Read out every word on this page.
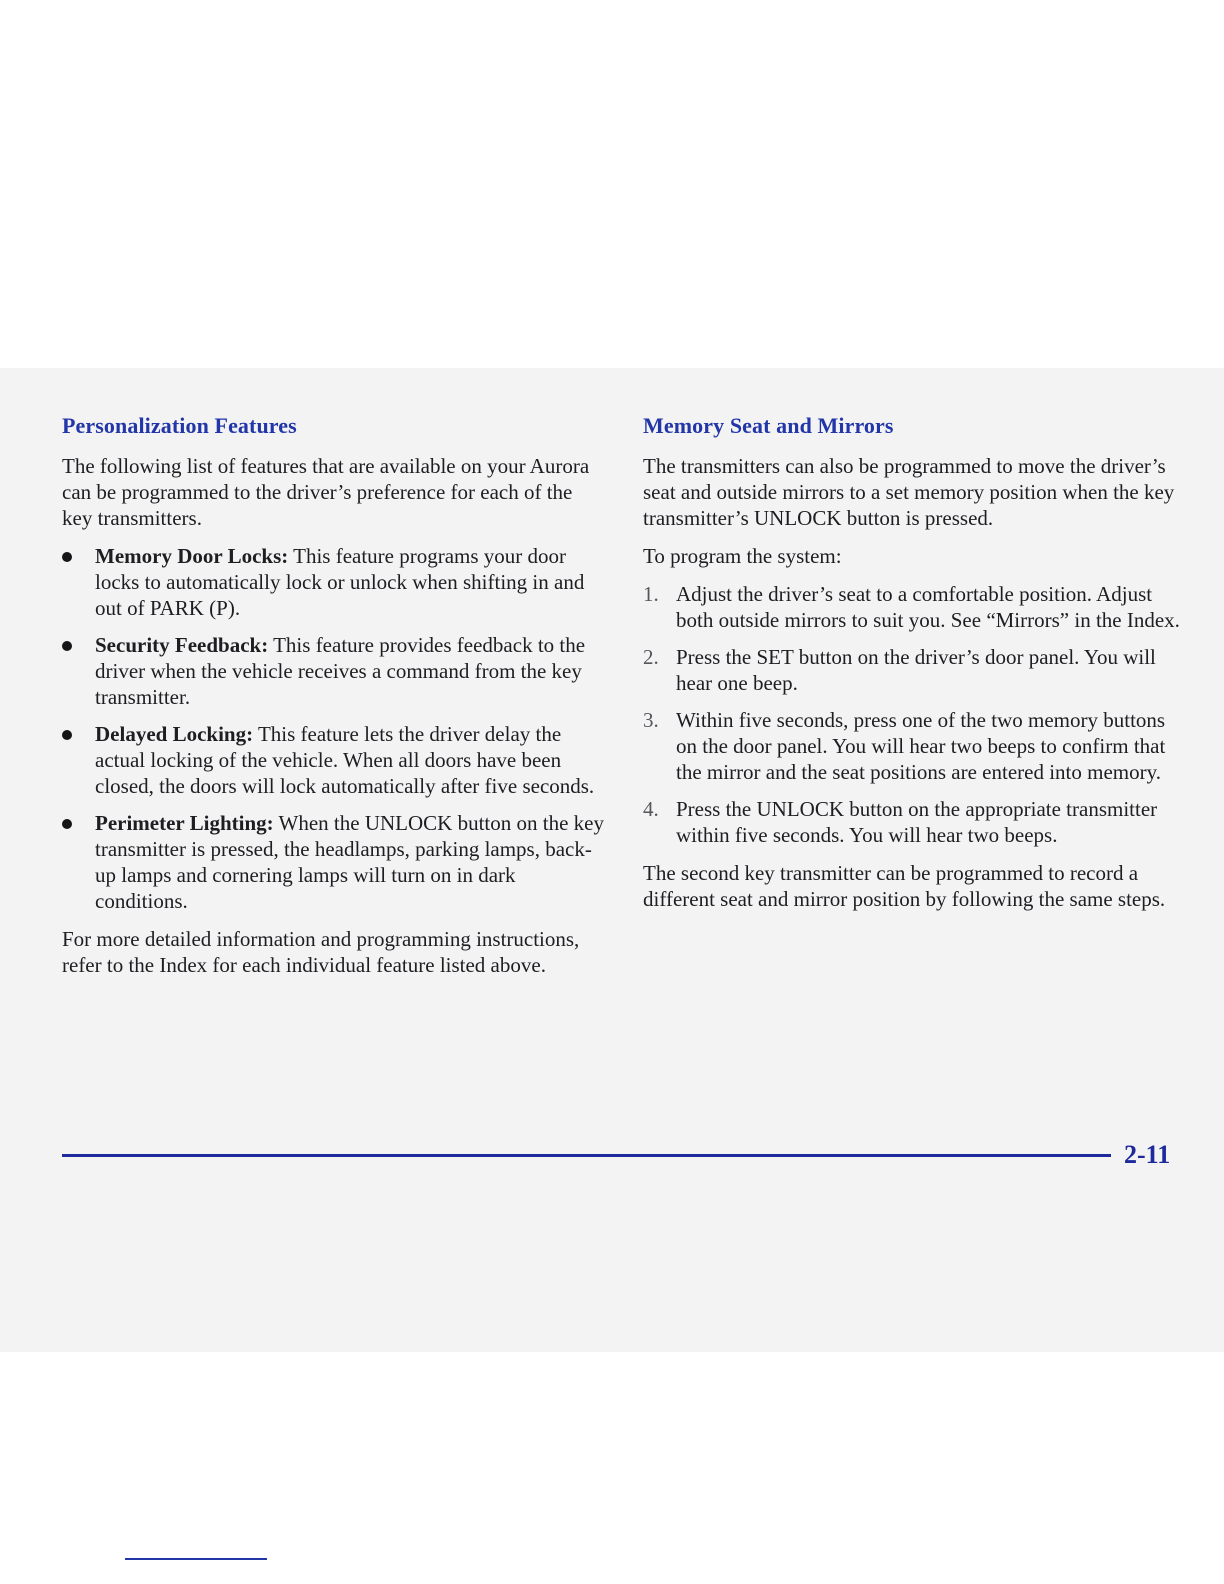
Personalization Features

The following list of features that are available on your Aurora can be programmed to the driver’s preference for each of the key transmitters.

Memory Door Locks: This feature programs your door locks to automatically lock or unlock when shifting in and out of PARK (P).
Security Feedback: This feature provides feedback to the driver when the vehicle receives a command from the key transmitter.
Delayed Locking: This feature lets the driver delay the actual locking of the vehicle. When all doors have been closed, the doors will lock automatically after five seconds.
Perimeter Lighting: When the UNLOCK button on the key transmitter is pressed, the headlamps, parking lamps, back-up lamps and cornering lamps will turn on in dark conditions.

For more detailed information and programming instructions, refer to the Index for each individual feature listed above.

Memory Seat and Mirrors

The transmitters can also be programmed to move the driver’s seat and outside mirrors to a set memory position when the key transmitter’s UNLOCK button is pressed.

To program the system:

1. Adjust the driver’s seat to a comfortable position. Adjust both outside mirrors to suit you. See “Mirrors” in the Index.
2. Press the SET button on the driver’s door panel. You will hear one beep.
3. Within five seconds, press one of the two memory buttons on the door panel. You will hear two beeps to confirm that the mirror and the seat positions are entered into memory.
4. Press the UNLOCK button on the appropriate transmitter within five seconds. You will hear two beeps.

The second key transmitter can be programmed to record a different seat and mirror position by following the same steps.

2-11
